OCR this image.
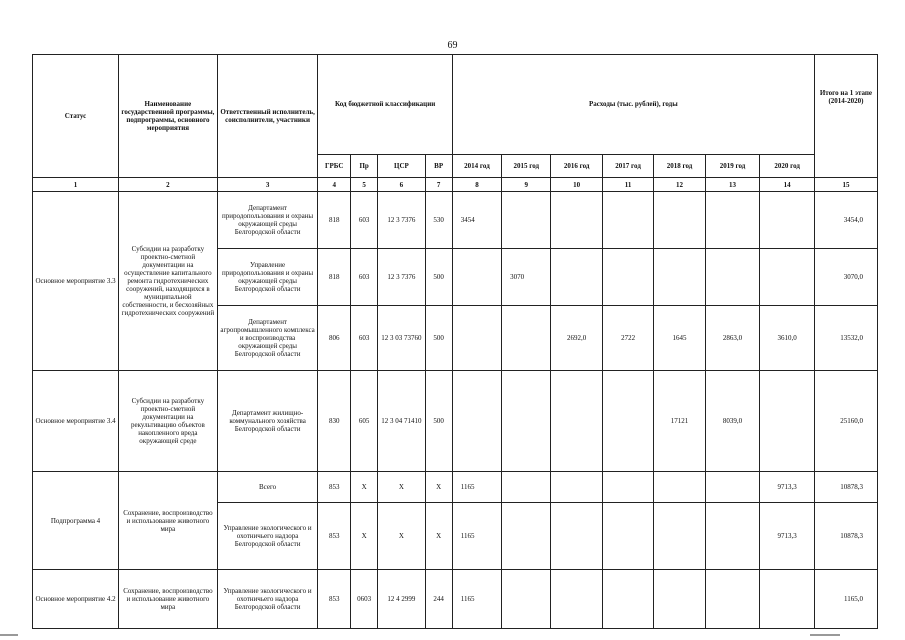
69
Статус	Наименование государственной программы, подпрограммы, основного мероприятия	Ответственный исполнитель, соисполнители, участники	Код бюджетной классификации				Расходы (тыс. рублей), годы							Итого на 1 этапе (2014-2020)
			ГРБС	Пр	ЦСР	ВР	2014 год	2015 год	2016 год	2017 год	2018 год	2019 год	2020 год	
1	2	3	4	5	6	7	8	9	10	11	12	13	14	15
Основное мероприятие 3.3	Субсидии на разработку проектно-сметной документации на осуществление капитального ремонта гидротехнических сооружений, находящихся в муниципальной собственности, и бесхозяйных гидротехнических сооружений	Департамент природопользования и охраны окружающей среды Белгородской области	818	603	12 3 7376	530	3454							3454,0
		Управление природопользования и охраны окружающей среды Белгородской области	818	603	12 3 7376	500		3070						3070,0
		Департамент агропромышленного комплекса и воспроизводства окружающей среды Белгородской области	806	603	12 3 03 73760	500			2692,0	2722	1645	2863,0	3610,0	13532,0
Основное мероприятие 3.4	Субсидии на разработку проектно-сметной документации на рекультивацию объектов накопленного вреда окружающей среде	Департамент жилищно-коммунального хозяйства Белгородской области	830	605	12 3 04 71410	500					17121	8039,0		25160,0
Подпрограмма 4	Сохранение, воспроизводство и использование животного мира	Всего	853	X	X	X	1165						9713,3	10878,3
		Управление экологического и охотничьего надзора Белгородской области	853	X	X	X	1165						9713,3	10878,3
Основное мероприятие 4.2	Сохранение, воспроизводство и использование животного мира	Управление экологического и охотничьего надзора Белгородской области	853	0603	12 4 2999	244	1165							1165,0
